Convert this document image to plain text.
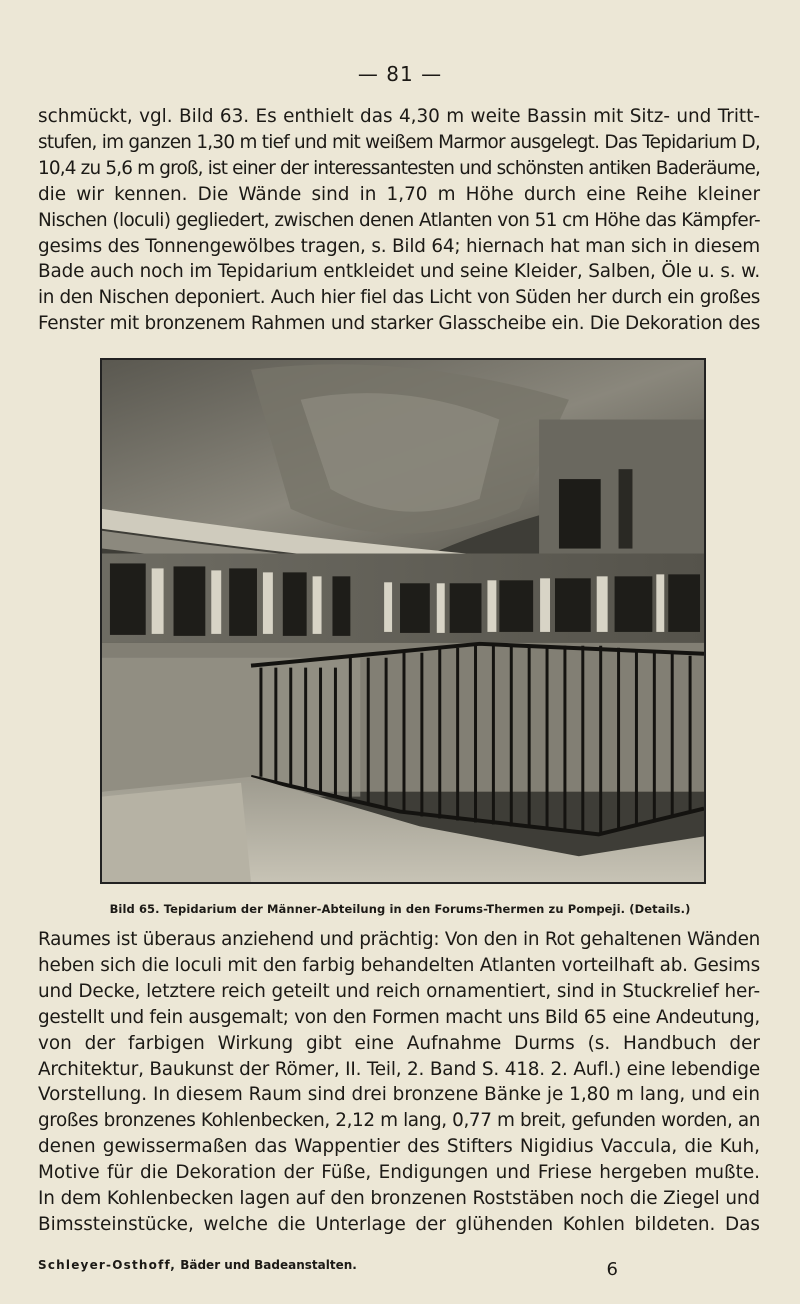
— 81 —

schmückt, vgl. Bild 63. Es enthielt das 4,30 m weite Bassin mit Sitz- und Tritt-
stufen, im ganzen 1,30 m tief und mit weißem Marmor ausgelegt. Das Tepidarium D,
10,4 zu 5,6 m groß, ist einer der interessantesten und schönsten antiken Baderäume,
die wir kennen. Die Wände sind in 1,70 m Höhe durch eine Reihe kleiner
Nischen (loculi) gegliedert, zwischen denen Atlanten von 51 cm Höhe das Kämpfer-
gesims des Tonnengewölbes tragen, s. Bild 64; hiernach hat man sich in diesem
Bade auch noch im Tepidarium entkleidet und seine Kleider, Salben, Öle u. s. w.
in den Nischen deponiert. Auch hier fiel das Licht von Süden her durch ein großes
Fenster mit bronzenem Rahmen und starker Glasscheibe ein. Die Dekoration des

Bild 65. Tepidarium der Männer-Abteilung in den Forums-Thermen zu Pompeji. (Details.)

Raumes ist überaus anziehend und prächtig: Von den in Rot gehaltenen Wänden
heben sich die loculi mit den farbig behandelten Atlanten vorteilhaft ab. Gesims
und Decke, letztere reich geteilt und reich ornamentiert, sind in Stuckrelief her-
gestellt und fein ausgemalt; von den Formen macht uns Bild 65 eine Andeutung,
von der farbigen Wirkung gibt eine Aufnahme Durms (s. Handbuch der
Architektur, Baukunst der Römer, II. Teil, 2. Band S. 418. 2. Aufl.) eine lebendige
Vorstellung. In diesem Raum sind drei bronzene Bänke je 1,80 m lang, und ein
großes bronzenes Kohlenbecken, 2,12 m lang, 0,77 m breit, gefunden worden, an
denen gewissermaßen das Wappentier des Stifters Nigidius Vaccula, die Kuh,
Motive für die Dekoration der Füße, Endigungen und Friese hergeben mußte.
In dem Kohlenbecken lagen auf den bronzenen Roststäben noch die Ziegel und
Bimssteinstücke, welche die Unterlage der glühenden Kohlen bildeten. Das

Schleyer-Osthoff, Bäder und Badeanstalten.	6
